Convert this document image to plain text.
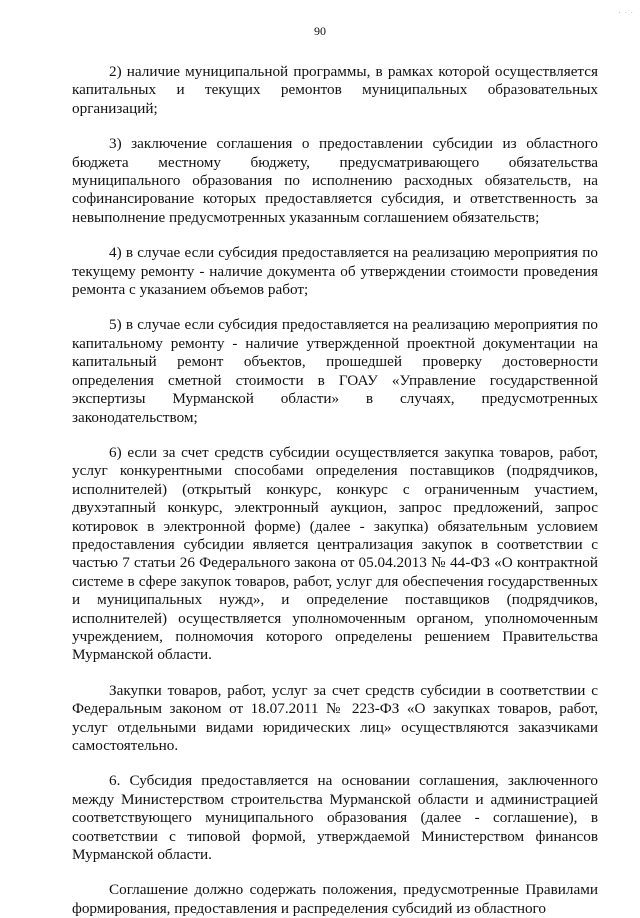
· · ·
90

2) наличие муниципальной программы, в рамках которой осуществляется капитальных и текущих ремонтов муниципальных образовательных организаций;

3) заключение соглашения о предоставлении субсидии из областного бюджета местному бюджету, предусматривающего обязательства муниципального образования по исполнению расходных обязательств, на софинансирование которых предоставляется субсидия, и ответственность за невыполнение предусмотренных указанным соглашением обязательств;

4) в случае если субсидия предоставляется на реализацию мероприятия по текущему ремонту - наличие документа об утверждении стоимости проведения ремонта с указанием объемов работ;

5) в случае если субсидия предоставляется на реализацию мероприятия по капитальному ремонту - наличие утвержденной проектной документации на капитальный ремонт объектов, прошедшей проверку достоверности определения сметной стоимости в ГОАУ «Управление государственной экспертизы Мурманской области» в случаях, предусмотренных законодательством;

6) если за счет средств субсидии осуществляется закупка товаров, работ, услуг конкурентными способами определения поставщиков (подрядчиков, исполнителей) (открытый конкурс, конкурс с ограниченным участием, двухэтапный конкурс, электронный аукцион, запрос предложений, запрос котировок в электронной форме) (далее - закупка) обязательным условием предоставления субсидии является централизация закупок в соответствии с частью 7 статьи 26 Федерального закона от 05.04.2013 № 44-ФЗ «О контрактной системе в сфере закупок товаров, работ, услуг для обеспечения государственных и муниципальных нужд», и определение поставщиков (подрядчиков, исполнителей) осуществляется уполномоченным органом, уполномоченным учреждением, полномочия которого определены решением Правительства Мурманской области.

Закупки товаров, работ, услуг за счет средств субсидии в соответствии с Федеральным законом от 18.07.2011 № 223-ФЗ «О закупках товаров, работ, услуг отдельными видами юридических лиц» осуществляются заказчиками самостоятельно.

6. Субсидия предоставляется на основании соглашения, заключенного между Министерством строительства Мурманской области и администрацией соответствующего муниципального образования (далее - соглашение), в соответствии с типовой формой, утверждаемой Министерством финансов Мурманской области.

Соглашение должно содержать положения, предусмотренные Правилами формирования, предоставления и распределения субсидий из областного
